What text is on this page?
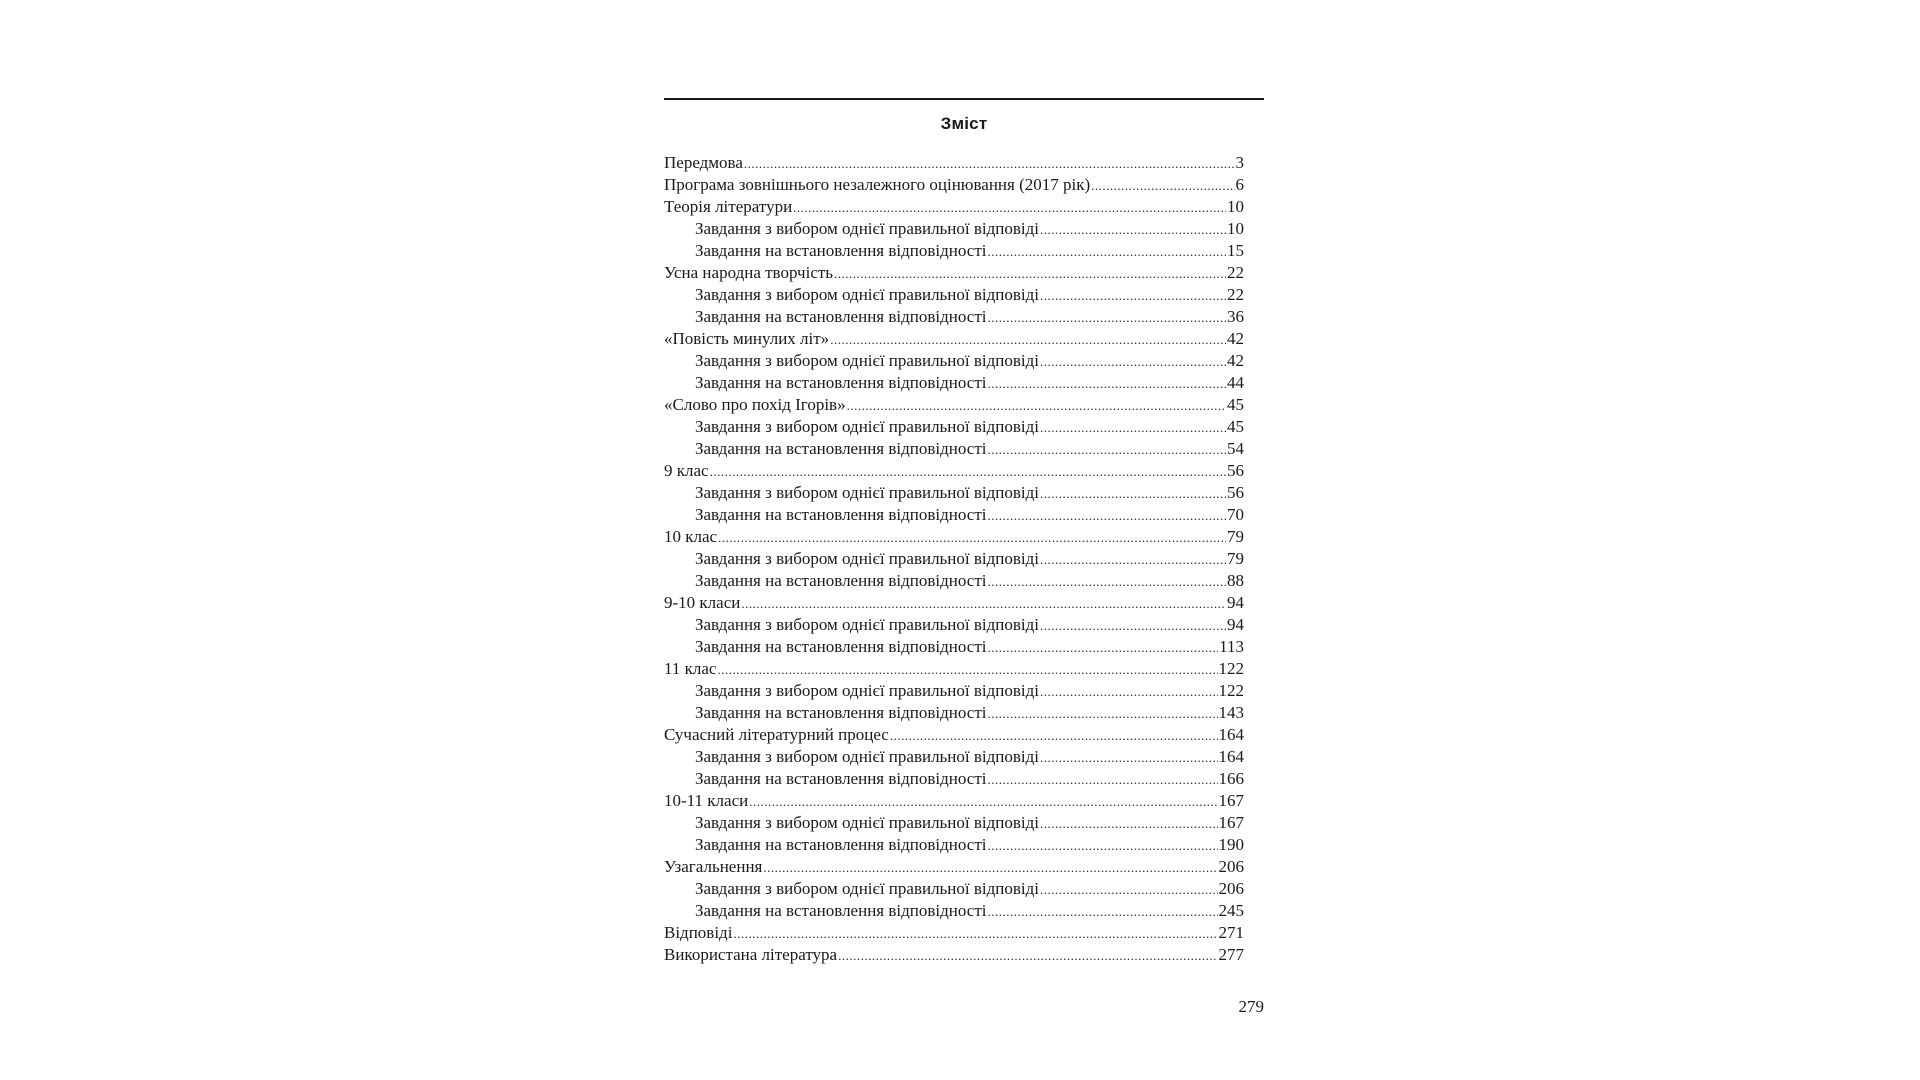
Зміст
Передмова .....	3
Програма зовнішнього незалежного оцінювання (2017 рік) .....	6
Теорія літератури .....	10
Завдання з вибором однієї правильної відповіді .....	10
Завдання на встановлення відповідності .....	15
Усна народна творчість .....	22
Завдання з вибором однієї правильної відповіді .....	22
Завдання на встановлення відповідності .....	36
«Повість минулих літ» .....	42
Завдання з вибором однієї правильної відповіді .....	42
Завдання на встановлення відповідності .....	44
«Слово про похід Ігорів» .....	45
Завдання з вибором однієї правильної відповіді .....	45
Завдання на встановлення відповідності .....	54
9 клас .....	56
Завдання з вибором однієї правильної відповіді .....	56
Завдання на встановлення відповідності .....	70
10 клас .....	79
Завдання з вибором однієї правильної відповіді .....	79
Завдання на встановлення відповідності .....	88
9-10 класи .....	94
Завдання з вибором однієї правильної відповіді .....	94
Завдання на встановлення відповідності .....	113
11 клас .....	122
Завдання з вибором однієї правильної відповіді .....	122
Завдання на встановлення відповідності .....	143
Сучасний літературний процес .....	164
Завдання з вибором однієї правильної відповіді .....	164
Завдання на встановлення відповідності .....	166
10-11 класи .....	167
Завдання з вибором однієї правильної відповіді .....	167
Завдання на встановлення відповідності .....	190
Узагальнення .....	206
Завдання з вибором однієї правильної відповіді .....	206
Завдання на встановлення відповідності .....	245
Відповіді .....	271
Використана література .....	277
279
